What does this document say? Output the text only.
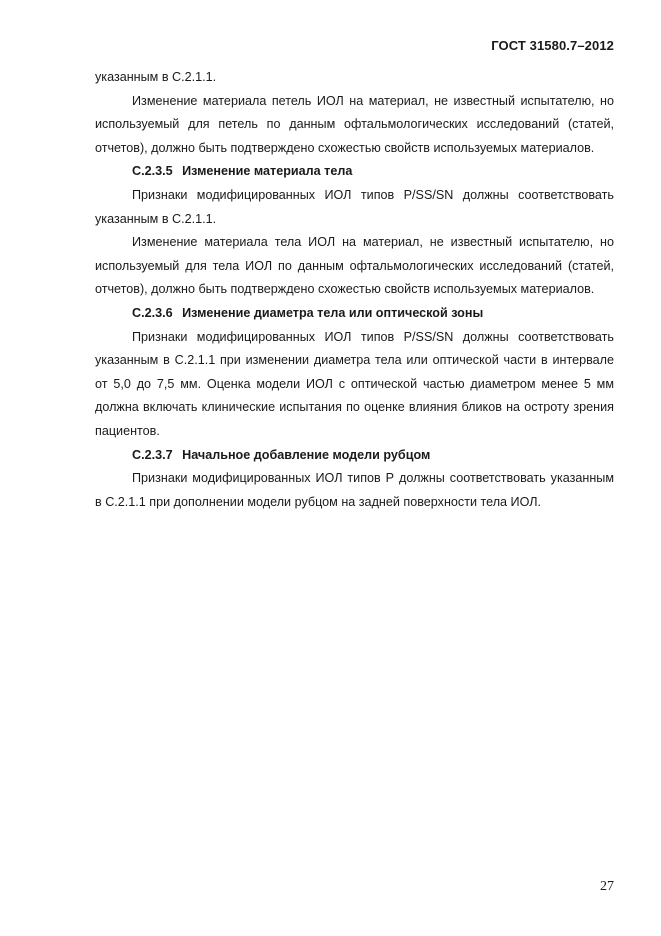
ГОСТ 31580.7–2012

указанным в С.2.1.1.

Изменение материала петель ИОЛ на материал, не известный испытателю, но используемый для петель по данным офтальмологических исследований (статей, отчетов), должно быть подтверждено схожестью свойств используемых материалов.

С.2.3.5 Изменение материала тела

Признаки модифицированных ИОЛ типов P/SS/SN должны соответствовать указанным в С.2.1.1.

Изменение материала тела ИОЛ на материал, не известный испытателю, но используемый для тела ИОЛ по данным офтальмологических исследований (статей, отчетов), должно быть подтверждено схожестью свойств используемых материалов.

С.2.3.6 Изменение диаметра тела или оптической зоны

Признаки модифицированных ИОЛ типов P/SS/SN должны соответствовать указанным в С.2.1.1 при изменении диаметра тела или оптической части в интервале от 5,0 до 7,5 мм. Оценка модели ИОЛ с оптической частью диаметром менее 5 мм должна включать клинические испытания по оценке влияния бликов на остроту зрения пациентов.

С.2.3.7 Начальное добавление модели рубцом

Признаки модифицированных ИОЛ типов Р должны соответствовать указанным в С.2.1.1 при дополнении модели рубцом на задней поверхности тела ИОЛ.

27
